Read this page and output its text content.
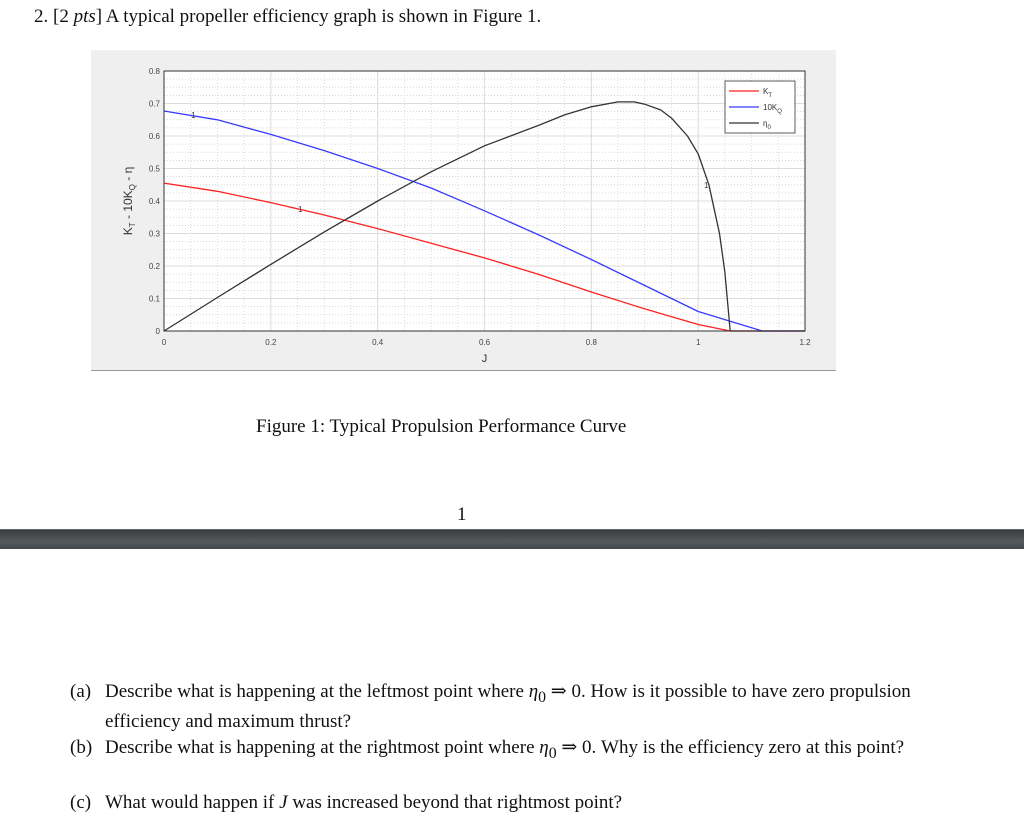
2. [2 pts] A typical propeller efficiency graph is shown in Figure 1.
0	0.2	0.4	0.6	0.8	1	1.2
0
0.1
0.2
0.3
0.4
0.5
0.6
0.7
0.8
1
1
1
J
$K_T - 10K_Q$ - η
$K_T$
$10K_Q$
$\eta_0$
Figure 1: Typical Propulsion Performance Curve
1
(a) Describe what is happening at the leftmost point where $\eta_0$ ⇒ 0. How is it possible to have zero propulsion efficiency and maximum thrust?
(b) Describe what is happening at the rightmost point where $\eta_0$ ⇒ 0. Why is the efficiency zero at this point?
(c) What would happen if J was increased beyond that rightmost point?
